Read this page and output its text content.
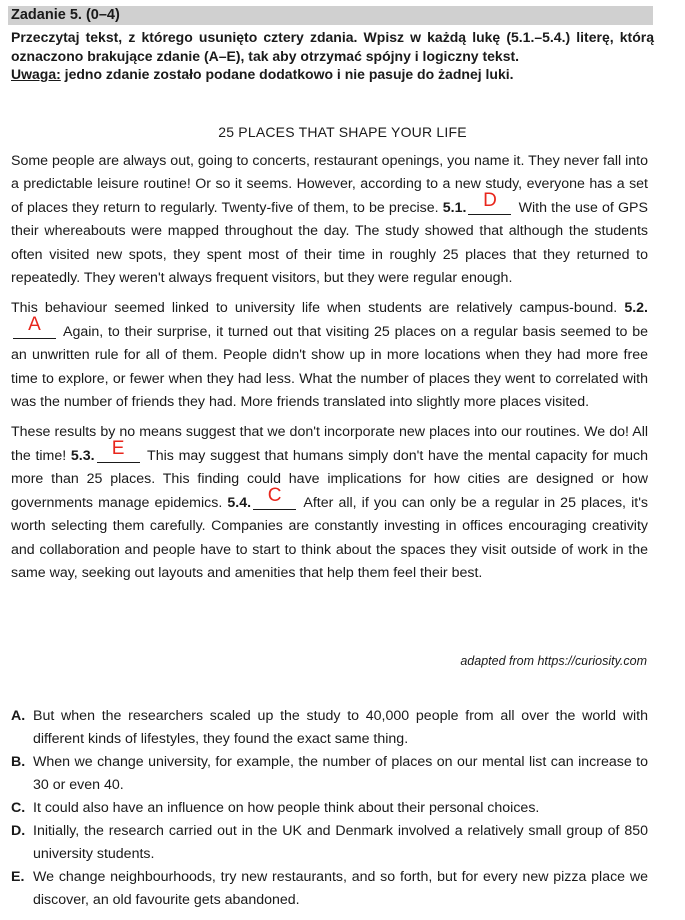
Zadanie 5. (0–4)

Przeczytaj tekst, z którego usunięto cztery zdania. Wpisz w każdą lukę (5.1.–5.4.) literę, którą oznaczono brakujące zdanie (A–E), tak aby otrzymać spójny i logiczny tekst.

Uwaga: jedno zdanie zostało podane dodatkowo i nie pasuje do żadnej luki.

25 PLACES THAT SHAPE YOUR LIFE

Some people are always out, going to concerts, restaurant openings, you name it. They never fall into a predictable leisure routine! Or so it seems. However, according to a new study, everyone has a set of places they return to regularly. Twenty-five of them, to be precise. 5.1. D With the use of GPS their whereabouts were mapped throughout the day. The study showed that although the students often visited new spots, they spent most of their time in roughly 25 places that they returned to repeatedly. They weren't always frequent visitors, but they were regular enough.

This behaviour seemed linked to university life when students are relatively campus-bound. 5.2.A Again, to their surprise, it turned out that visiting 25 places on a regular basis seemed to be an unwritten rule for all of them. People didn't show up in more locations when they had more free time to explore, or fewer when they had less. What the number of places they went to correlated with was the number of friends they had. More friends translated into slightly more places visited.

These results by no means suggest that we don't incorporate new places into our routines. We do! All the time! 5.3. E This may suggest that humans simply don't have the mental capacity for much more than 25 places. This finding could have implications for how cities are designed or how governments manage epidemics. 5.4. C After all, if you can only be a regular in 25 places, it's worth selecting them carefully. Companies are constantly investing in offices encouraging creativity and collaboration and people have to start to think about the spaces they visit outside of work in the same way, seeking out layouts and amenities that help them feel their best.

adapted from https://curiosity.com
A. But when the researchers scaled up the study to 40,000 people from all over the world with different kinds of lifestyles, they found the exact same thing.
B. When we change university, for example, the number of places on our mental list can increase to 30 or even 40.
C. It could also have an influence on how people think about their personal choices.
D. Initially, the research carried out in the UK and Denmark involved a relatively small group of 850 university students.
E. We change neighbourhoods, try new restaurants, and so forth, but for every new pizza place we discover, an old favourite gets abandoned.
